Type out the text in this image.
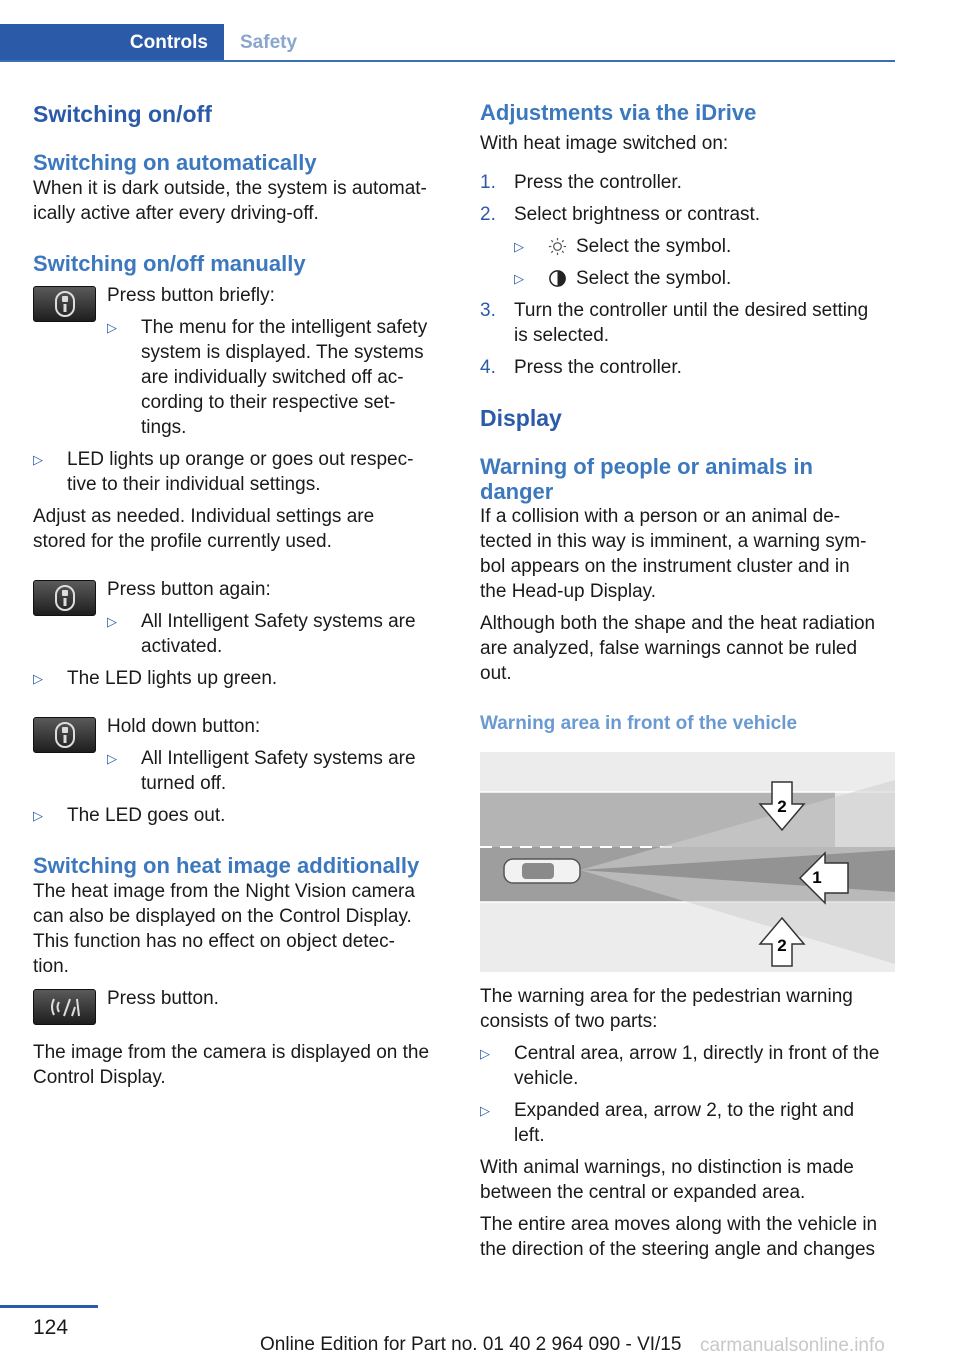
Controls	Safety
Switching on/off
Switching on automatically

When it is dark outside, the system is automat-

ically active after every driving-off.

Switching on/off manually

Press button briefly:

▷ The menu for the intelligent safety

system is displayed. The systems

are individually switched off ac-

cording to their respective set-

tings.

▷ LED lights up orange or goes out respec-

tive to their individual settings.

Adjust as needed. Individual settings are

stored for the profile currently used.

Press button again:

▷ All Intelligent Safety systems are

activated.

▷ The LED lights up green.

Hold down button:

▷ All Intelligent Safety systems are

turned off.

▷ The LED goes out.

Switching on heat image additionally

The heat image from the Night Vision camera

can also be displayed on the Control Display.

This function has no effect on object detec-

tion.

Press button.

The image from the camera is displayed on the

Control Display.

Adjustments via the iDrive

With heat image switched on:

1. Press the controller.

2. Select brightness or contrast.

▷	Select the symbol.

▷	Select the symbol.

3. Turn the controller until the desired setting

is selected.

4. Press the controller.

Display
Warning of people or animals in
danger

If a collision with a person or an animal de-

tected in this way is imminent, a warning sym-

bol appears on the instrument cluster and in

the Head-up Display.

Although both the shape and the heat radiation

are analyzed, false warnings cannot be ruled

out.

Warning area in front of the vehicle
1
2
2

The warning area for the pedestrian warning

consists of two parts:

▷ Central area, arrow 1, directly in front of the

vehicle.

▷ Expanded area, arrow 2, to the right and

left.

With animal warnings, no distinction is made

between the central or expanded area.

The entire area moves along with the vehicle in

the direction of the steering angle and changes

124
Online Edition for Part no. 01 40 2 964 090 - VI/15 carmanualsonline.info
